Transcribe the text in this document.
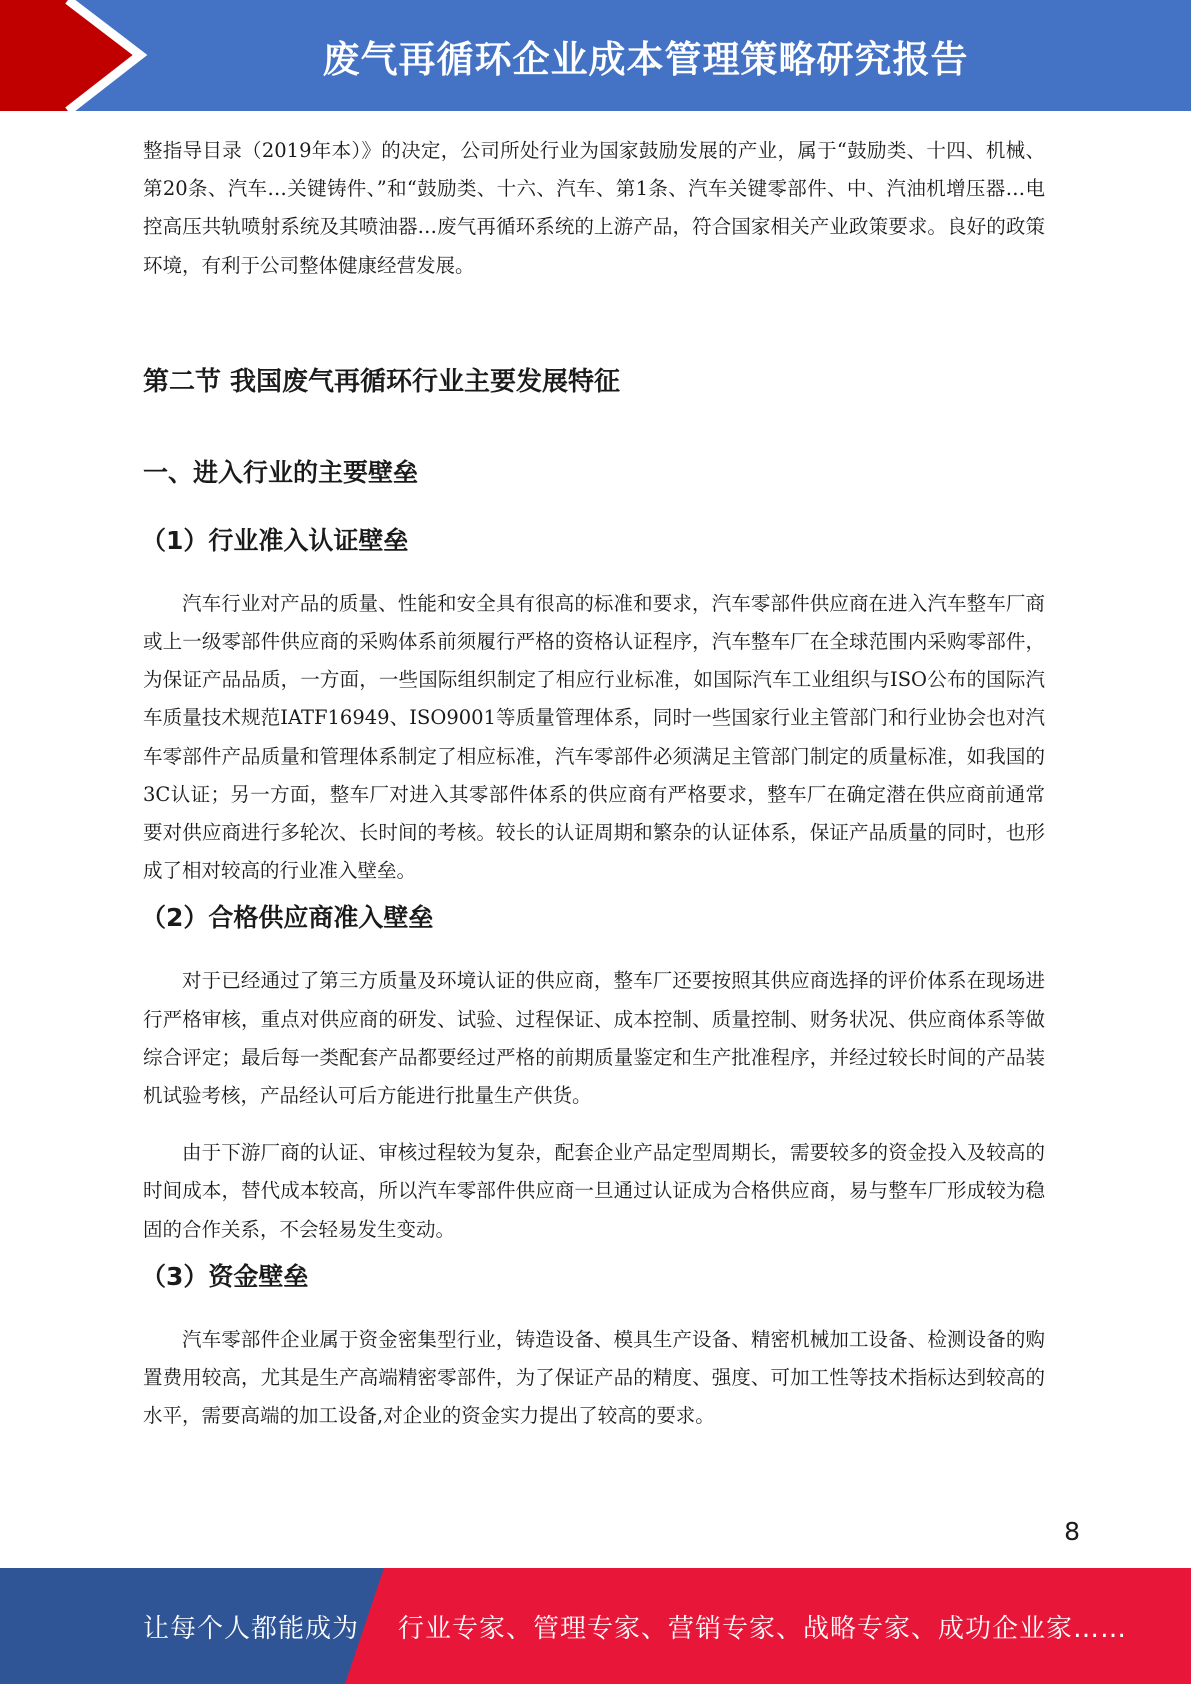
废气再循环企业成本管理策略研究报告

整指导目录（2019年本）》的决定，公司所处行业为国家鼓励发展的产业，属于“鼓励类、十四、机械、第20条、汽车…关键铸件、”和“鼓励类、十六、汽车、第1条、汽车关键零部件、中、汽油机增压器…电控高压共轨喷射系统及其喷油器…废气再循环系统的上游产品，符合国家相关产业政策要求。良好的政策环境，有利于公司整体健康经营发展。

第二节 我国废气再循环行业主要发展特征
一、进入行业的主要壁垒
（1）行业准入认证壁垒

汽车行业对产品的质量、性能和安全具有很高的标准和要求，汽车零部件供应商在进入汽车整车厂商或上一级零部件供应商的采购体系前须履行严格的资格认证程序，汽车整车厂在全球范围内采购零部件，为保证产品品质，一方面，一些国际组织制定了相应行业标准，如国际汽车工业组织与ISO公布的国际汽车质量技术规范IATF16949、ISO9001等质量管理体系，同时一些国家行业主管部门和行业协会也对汽车零部件产品质量和管理体系制定了相应标准，汽车零部件必须满足主管部门制定的质量标准，如我国的3C认证；另一方面，整车厂对进入其零部件体系的供应商有严格要求，整车厂在确定潜在供应商前通常要对供应商进行多轮次、长时间的考核。较长的认证周期和繁杂的认证体系，保证产品质量的同时，也形成了相对较高的行业准入壁垒。

（2）合格供应商准入壁垒

对于已经通过了第三方质量及环境认证的供应商，整车厂还要按照其供应商选择的评价体系在现场进行严格审核，重点对供应商的研发、试验、过程保证、成本控制、质量控制、财务状况、供应商体系等做综合评定；最后每一类配套产品都要经过严格的前期质量鉴定和生产批准程序，并经过较长时间的产品装机试验考核，产品经认可后方能进行批量生产供货。

由于下游厂商的认证、审核过程较为复杂，配套企业产品定型周期长，需要较多的资金投入及较高的时间成本，替代成本较高，所以汽车零部件供应商一旦通过认证成为合格供应商，易与整车厂形成较为稳固的合作关系，不会轻易发生变动。

（3）资金壁垒

汽车零部件企业属于资金密集型行业，铸造设备、模具生产设备、精密机械加工设备、检测设备的购置费用较高，尤其是生产高端精密零部件，为了保证产品的精度、强度、可加工性等技术指标达到较高的水平，需要高端的加工设备,对企业的资金实力提出了较高的要求。

8
让每个人都能成为 行业专家、管理专家、营销专家、战略专家、成功企业家……
